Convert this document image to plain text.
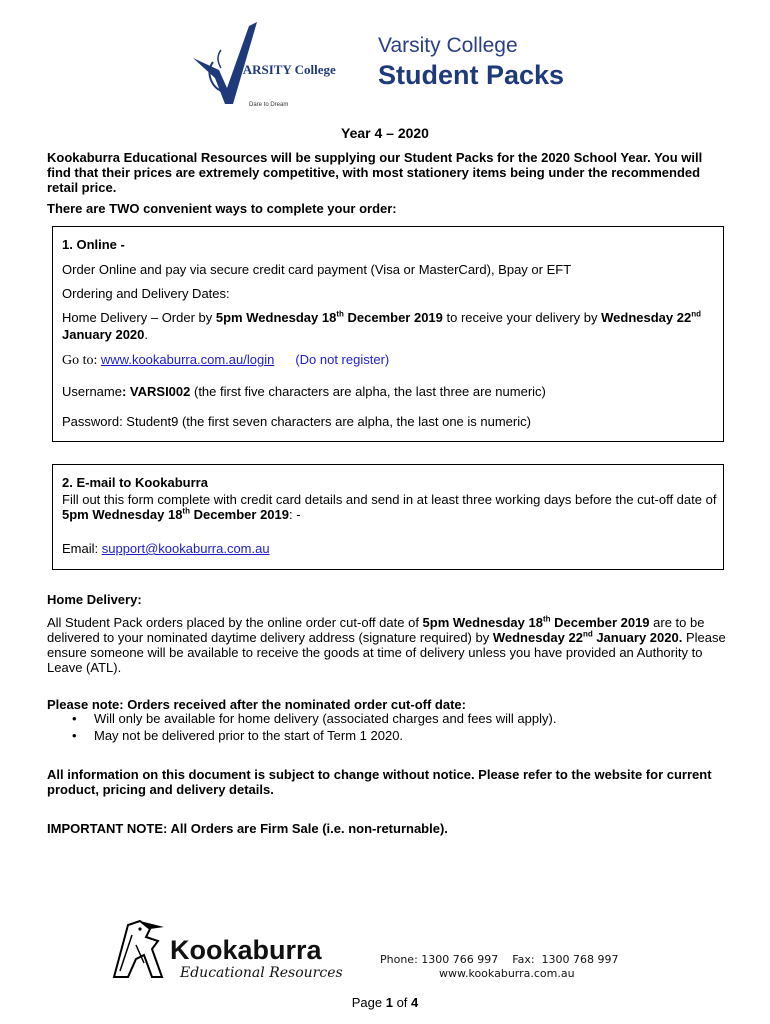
VARSITY College
Dare to Dream
Varsity College
Student Packs
Year 4 – 2020
Kookaburra Educational Resources will be supplying our Student Packs for the 2020 School Year. You will find that their prices are extremely competitive, with most stationery items being under the recommended retail price.
There are TWO convenient ways to complete your order:
1. Online -
Order Online and pay via secure credit card payment (Visa or MasterCard), Bpay or EFT
Ordering and Delivery Dates:
Home Delivery – Order by 5pm Wednesday 18th December 2019 to receive your delivery by Wednesday 22nd January 2020.
Go to: www.kookaburra.com.au/login (Do not register)
Username: VARSI002 (the first five characters are alpha, the last three are numeric)
Password: Student9 (the first seven characters are alpha, the last one is numeric)
2. E-mail to Kookaburra
Fill out this form complete with credit card details and send in at least three working days before the cut-off date of 5pm Wednesday 18th December 2019: -
Email: support@kookaburra.com.au
Home Delivery:
All Student Pack orders placed by the online order cut-off date of 5pm Wednesday 18th December 2019 are to be delivered to your nominated daytime delivery address (signature required) by Wednesday 22nd January 2020. Please ensure someone will be available to receive the goods at time of delivery unless you have provided an Authority to Leave (ATL).
Please note: Orders received after the nominated order cut-off date:
• Will only be available for home delivery (associated charges and fees will apply).
• May not be delivered prior to the start of Term 1 2020.
All information on this document is subject to change without notice. Please refer to the website for current product, pricing and delivery details.
IMPORTANT NOTE: All Orders are Firm Sale (i.e. non-returnable).
Kookaburra
Educational Resources
Phone: 1300 766 997 Fax:  1300 768 997
www.kookaburra.com.au
Page 1 of 4
